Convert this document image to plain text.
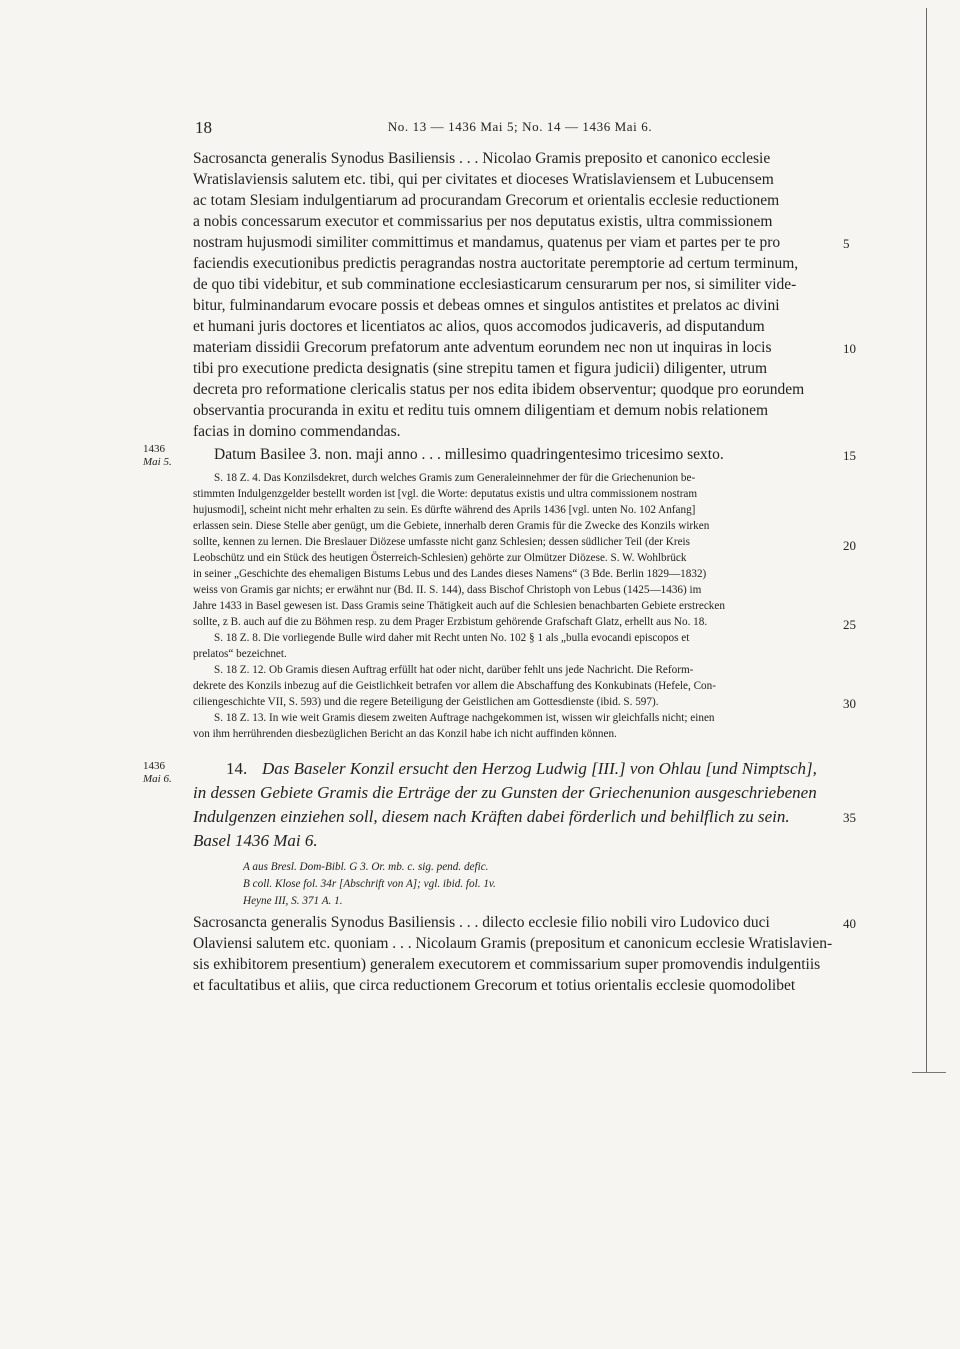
18	No. 13 — 1436 Mai 5; No. 14 — 1436 Mai 6.
Sacrosancta generalis Synodus Basiliensis . . . Nicolao Gramis preposito et canonico ecclesie
Wratislaviensis salutem etc. tibi, qui per civitates et dioceses Wratislaviensem et Lubucensem
ac totam Slesiam indulgentiarum ad procurandam Grecorum et orientalis ecclesie reductionem
a nobis concessarum executor et commissarius per nos deputatus existis, ultra commissionem
nostram hujusmodi similiter committimus et mandamus, quatenus per viam et partes per te pro
faciendis executionibus predictis peragrandas nostra auctoritate peremptorie ad certum terminum,
de quo tibi videbitur, et sub comminatione ecclesiasticarum censurarum per nos, si similiter vide-
bitur, fulminandarum evocare possis et debeas omnes et singulos antistites et prelatos ac divini
et humani juris doctores et licentiatos ac alios, quos accomodos judicaveris, ad disputandum
materiam dissidii Grecorum prefatorum ante adventum eorundem nec non ut inquiras in locis
tibi pro executione predicta designatis (sine strepitu tamen et figura judicii) diligenter, utrum
decreta pro reformatione clericalis status per nos edita ibidem observentur; quodque pro eorundem
observantia procuranda in exitu et reditu tuis omnem diligentiam et demum nobis relationem
facias in domino commendandas.
Datum Basilee 3. non. maji anno . . . millesimo quadringentesimo tricesimo sexto.
5
10
15
1436
Mai 5.
S. 18 Z. 4. Das Konzilsdekret, durch welches Gramis zum Generaleinnehmer der für die Griechenunion be-
stimmten Indulgenzgelder bestellt worden ist [vgl. die Worte: deputatus existis und ultra commissionem nostram
hujusmodi], scheint nicht mehr erhalten zu sein. Es dürfte während des Aprils 1436 [vgl. unten No. 102 Anfang]
erlassen sein. Diese Stelle aber genügt, um die Gebiete, innerhalb deren Gramis für die Zwecke des Konzils wirken
sollte, kennen zu lernen. Die Breslauer Diözese umfasste nicht ganz Schlesien; dessen südlicher Teil (der Kreis
Leobschütz und ein Stück des heutigen Österreich-Schlesien) gehörte zur Olmützer Diözese. S. W. Wohlbrück
in seiner „Geschichte des ehemaligen Bistums Lebus und des Landes dieses Namens“ (3 Bde. Berlin 1829—1832)
weiss von Gramis gar nichts; er erwähnt nur (Bd. II. S. 144), dass Bischof Christoph von Lebus (1425—1436) im
Jahre 1433 in Basel gewesen ist. Dass Gramis seine Thätigkeit auch auf die Schlesien benachbarten Gebiete erstrecken
sollte, z B. auch auf die zu Böhmen resp. zu dem Prager Erzbistum gehörende Grafschaft Glatz, erhellt aus No. 18.
S. 18 Z. 8. Die vorliegende Bulle wird daher mit Recht unten No. 102 § 1 als „bulla evocandi episcopos et
prelatos“ bezeichnet.
S. 18 Z. 12. Ob Gramis diesen Auftrag erfüllt hat oder nicht, darüber fehlt uns jede Nachricht. Die Reform-
dekrete des Konzils inbezug auf die Geistlichkeit betrafen vor allem die Abschaffung des Konkubinats (Hefele, Con-
ciliengeschichte VII, S. 593) und die regere Beteiligung der Geistlichen am Gottesdienste (ibid. S. 597).
S. 18 Z. 13. In wie weit Gramis diesem zweiten Auftrage nachgekommen ist, wissen wir gleichfalls nicht; einen
von ihm herrührenden diesbezüglichen Bericht an das Konzil habe ich nicht auffinden können.
20
25
30
1436
Mai 6.
14. Das Baseler Konzil ersucht den Herzog Ludwig [III.] von Ohlau [und Nimptsch],
in dessen Gebiete Gramis die Erträge der zu Gunsten der Griechenunion ausgeschriebenen
Indulgenzen einziehen soll, diesem nach Kräften dabei förderlich und behilflich zu sein.
Basel 1436 Mai 6.
35
A aus Bresl. Dom-Bibl. G 3. Or. mb. c. sig. pend. defic.
B coll. Klose fol. 34r [Abschrift von A]; vgl. ibid. fol. 1v.
Heyne III, S. 371 A. 1.
Sacrosancta generalis Synodus Basiliensis . . . dilecto ecclesie filio nobili viro Ludovico duci
Olaviensi salutem etc. quoniam . . . Nicolaum Gramis (prepositum et canonicum ecclesie Wratislavien-
sis exhibitorem presentium) generalem executorem et commissarium super promovendis indulgentiis
et facultatibus et aliis, que circa reductionem Grecorum et totius orientalis ecclesie quomodolibet
40
